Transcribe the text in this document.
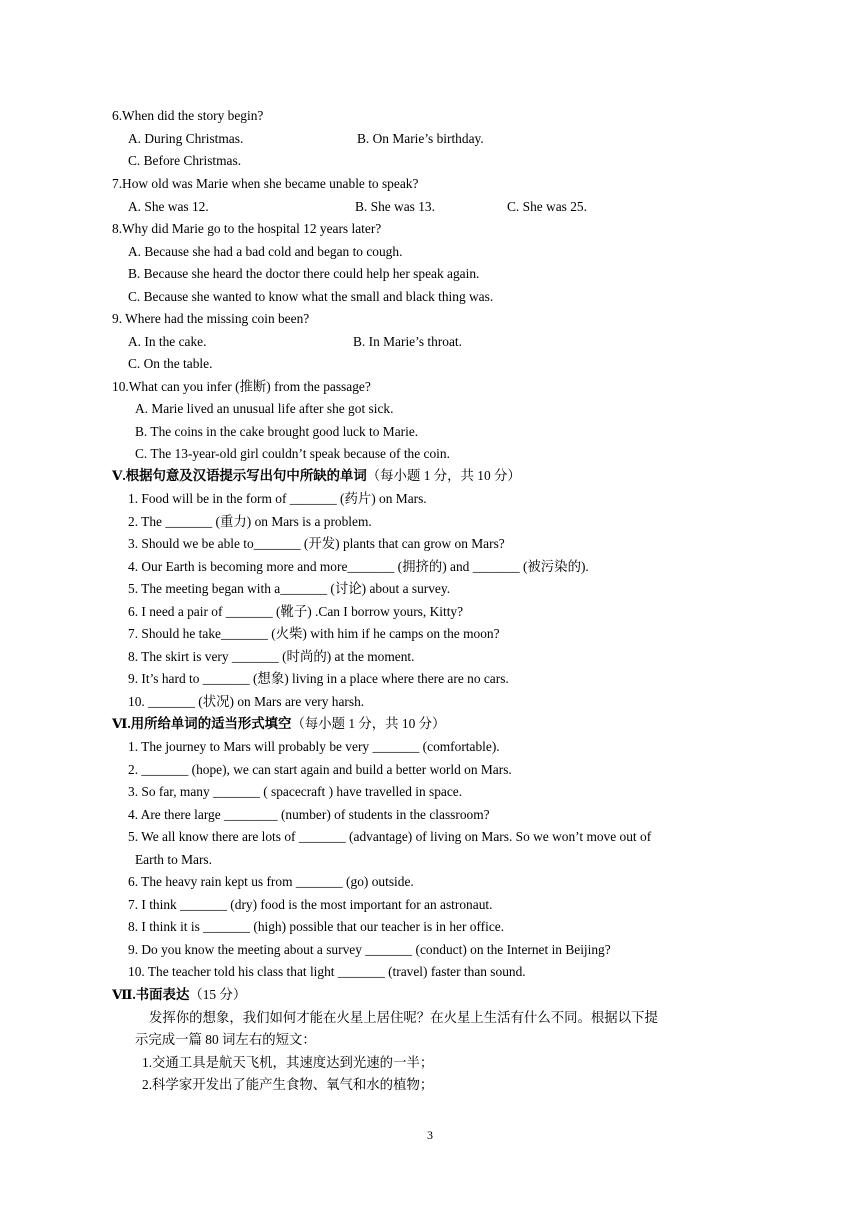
6.When did the story begin?
A. During Christmas.	B. On Marie’s birthday.
C. Before Christmas.
7.How old was Marie when she became unable to speak?
A. She was 12.	B. She was 13.	C. She was 25.
8.Why did Marie go to the hospital 12 years later?
A. Because she had a bad cold and began to cough.
B. Because she heard the doctor there could help her speak again.
C. Because she wanted to know what the small and black thing was.
9. Where had the missing coin been?
A. In the cake.	B. In Marie’s throat.
C. On the table.
10.What can you infer (推断) from the passage?
A. Marie lived an unusual life after she got sick.
B. The coins in the cake brought good luck to Marie.
C. The 13-year-old girl couldn’t speak because of the coin.
Ⅴ.根据句意及汉语提示写出句中所缺的单词（每小题 1 分，共 10 分）
1. Food will be in the form of _______ (药片) on Mars.
2. The _______ (重力) on Mars is a problem.
3. Should we be able to_______ (开发) plants that can grow on Mars?
4. Our Earth is becoming more and more_______ (拥挤的) and _______ (被污染的).
5. The meeting began with a_______ (讨论) about a survey.
6. I need a pair of _______ (靴子) .Can I borrow yours, Kitty?
7. Should he take_______ (火柴) with him if he camps on the moon?
8. The skirt is very _______ (时尚的) at the moment.
9. It’s hard to _______ (想象) living in a place where there are no cars.
10. _______ (状况) on Mars are very harsh.
Ⅵ.用所给单词的适当形式填空（每小题 1 分，共 10 分）
1. The journey to Mars will probably be very _______ (comfortable).
2. _______ (hope), we can start again and build a better world on Mars.
3. So far, many _______ ( spacecraft ) have travelled in space.
4. Are there large ________ (number) of students in the classroom?
5. We all know there are lots of _______ (advantage) of living on Mars. So we won’t move out of
Earth to Mars.
6. The heavy rain kept us from _______ (go) outside.
7. I think _______ (dry) food is the most important for an astronaut.
8. I think it is _______ (high) possible that our teacher is in her office.
9. Do you know the meeting about a survey _______ (conduct) on the Internet in Beijing?
10. The teacher told his class that light _______ (travel) faster than sound.
Ⅶ.书面表达（15 分）
发挥你的想象，我们如何才能在火星上居住呢？在火星上生活有什么不同。根据以下提
示完成一篇 80 词左右的短文：
1.交通工具是航天飞机，其速度达到光速的一半；
2.科学家开发出了能产生食物、氧气和水的植物；
3
